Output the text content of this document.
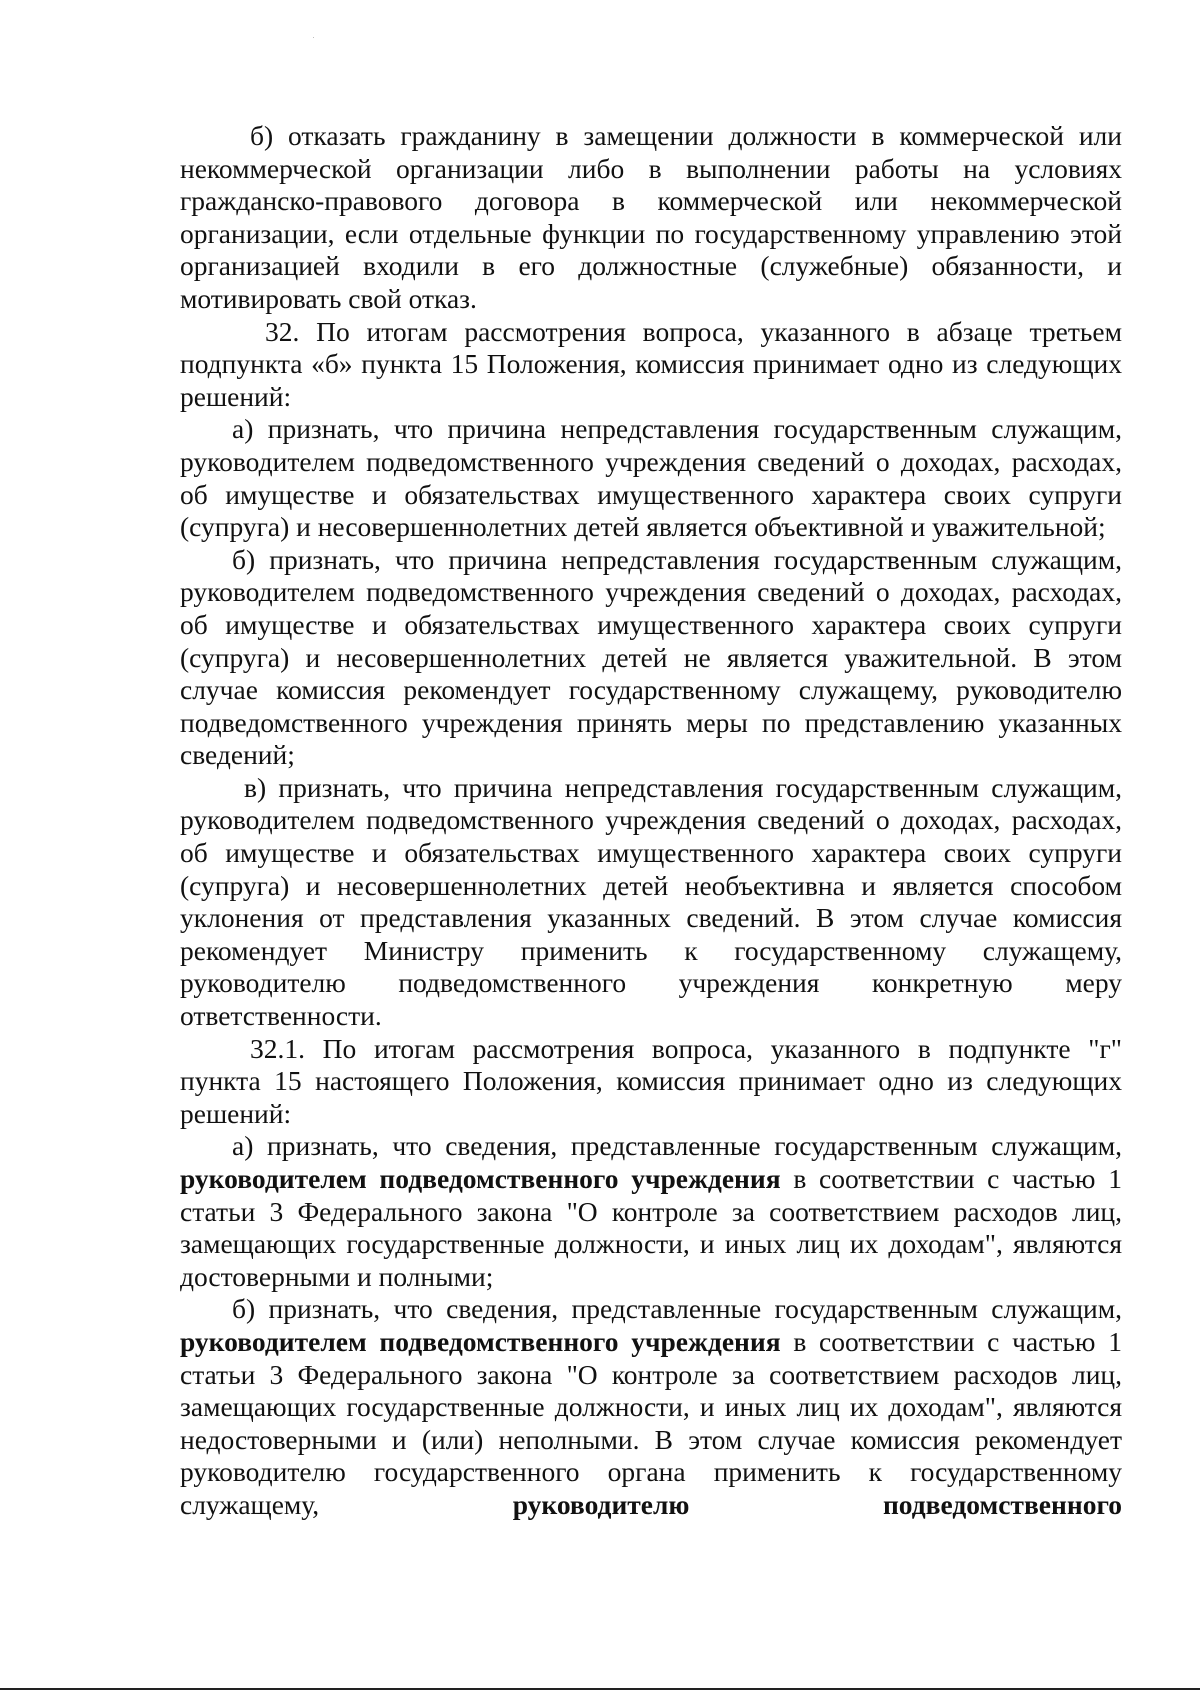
б) отказать гражданину в замещении должности в коммерческой или некоммерческой организации либо в выполнении работы на условиях гражданско-правового договора в коммерческой или некоммерческой организации, если отдельные функции по государственному управлению этой организацией входили в его должностные (служебные) обязанности, и мотивировать свой отказ.

32. По итогам рассмотрения вопроса, указанного в абзаце третьем подпункта «б» пункта 15 Положения, комиссия принимает одно из следующих решений:

а) признать, что причина непредставления государственным служащим, руководителем подведомственного учреждения сведений о доходах, расходах, об имуществе и обязательствах имущественного характера своих супруги (супруга) и несовершеннолетних детей является объективной и уважительной;

б) признать, что причина непредставления государственным служащим, руководителем подведомственного учреждения сведений о доходах, расходах, об имуществе и обязательствах имущественного характера своих супруги (супруга) и несовершеннолетних детей не является уважительной. В этом случае комиссия рекомендует государственному служащему, руководителю подведомственного учреждения принять меры по представлению указанных сведений;

в) признать, что причина непредставления государственным служащим, руководителем подведомственного учреждения сведений о доходах, расходах, об имуществе и обязательствах имущественного характера своих супруги (супруга) и несовершеннолетних детей необъективна и является способом уклонения от представления указанных сведений. В этом случае комиссия рекомендует Министру применить к государственному служащему, руководителю подведомственного учреждения конкретную меру ответственности.

32.1. По итогам рассмотрения вопроса, указанного в подпункте "г" пункта 15 настоящего Положения, комиссия принимает одно из следующих решений:

а) признать, что сведения, представленные государственным служащим, руководителем подведомственного учреждения в соответствии с частью 1 статьи 3 Федерального закона "О контроле за соответствием расходов лиц, замещающих государственные должности, и иных лиц их доходам", являются достоверными и полными;

б) признать, что сведения, представленные государственным служащим, руководителем подведомственного учреждения в соответствии с частью 1 статьи 3 Федерального закона "О контроле за соответствием расходов лиц, замещающих государственные должности, и иных лиц их доходам", являются недостоверными и (или) неполными. В этом случае комиссия рекомендует руководителю государственного органа применить к государственному служащему, руководителю подведомственного
